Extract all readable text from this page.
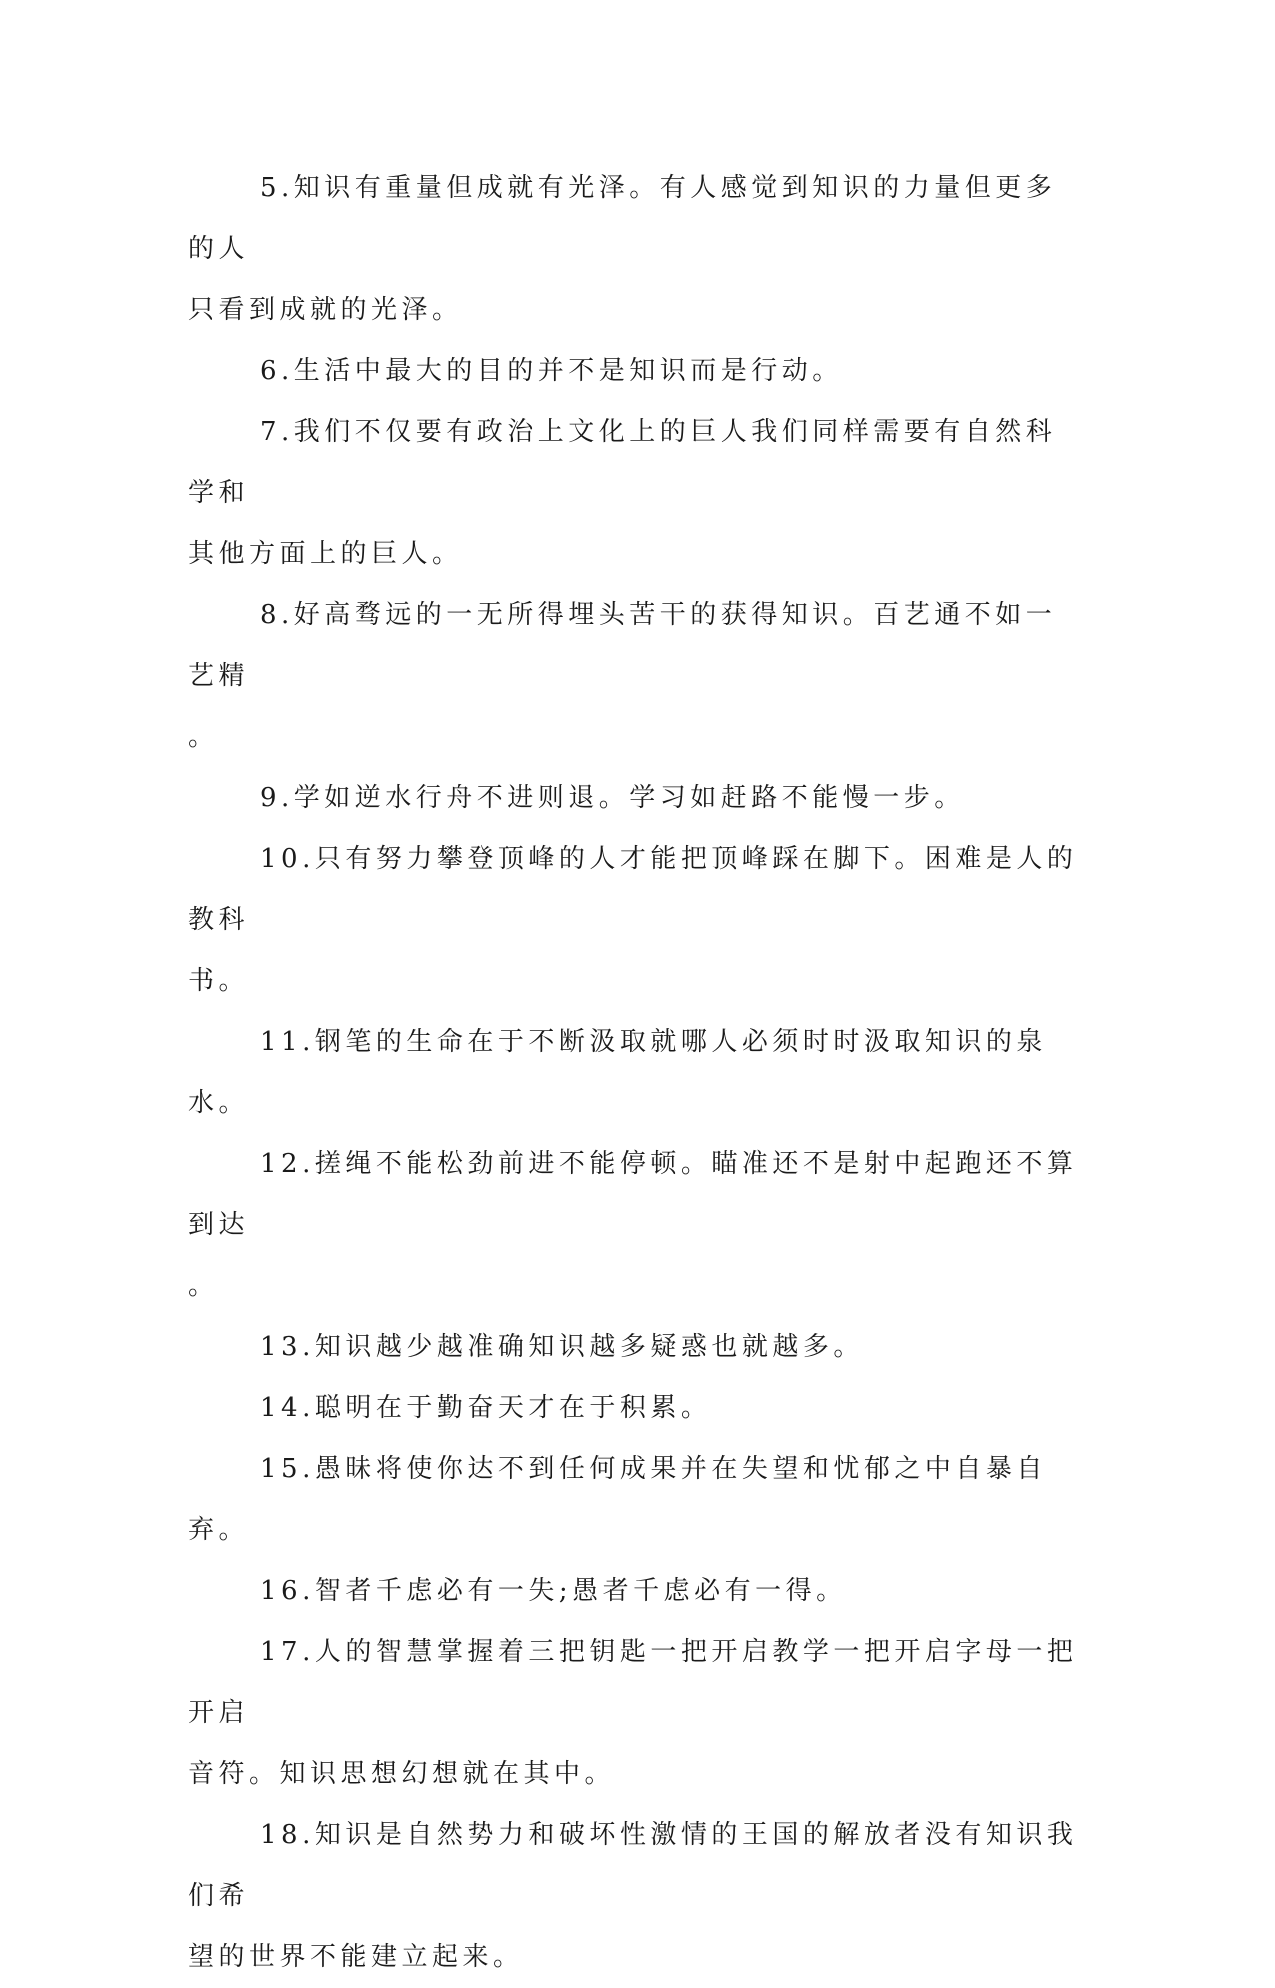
5.知识有重量但成就有光泽。有人感觉到知识的力量但更多的人
只看到成就的光泽。

6.生活中最大的目的并不是知识而是行动。

7.我们不仅要有政治上文化上的巨人我们同样需要有自然科学和
其他方面上的巨人。

8.好高骛远的一无所得埋头苦干的获得知识。百艺通不如一艺精
。

9.学如逆水行舟不进则退。学习如赶路不能慢一步。

10.只有努力攀登顶峰的人才能把顶峰踩在脚下。困难是人的教科
书。

11.钢笔的生命在于不断汲取就哪人必须时时汲取知识的泉水。

12.搓绳不能松劲前进不能停顿。瞄准还不是射中起跑还不算到达
。

13.知识越少越准确知识越多疑惑也就越多。

14.聪明在于勤奋天才在于积累。

15.愚昧将使你达不到任何成果并在失望和忧郁之中自暴自弃。

16.智者千虑必有一失;愚者千虑必有一得。

17.人的智慧掌握着三把钥匙一把开启教学一把开启字母一把开启
音符。知识思想幻想就在其中。

18.知识是自然势力和破坏性激情的王国的解放者没有知识我们希
望的世界不能建立起来。
